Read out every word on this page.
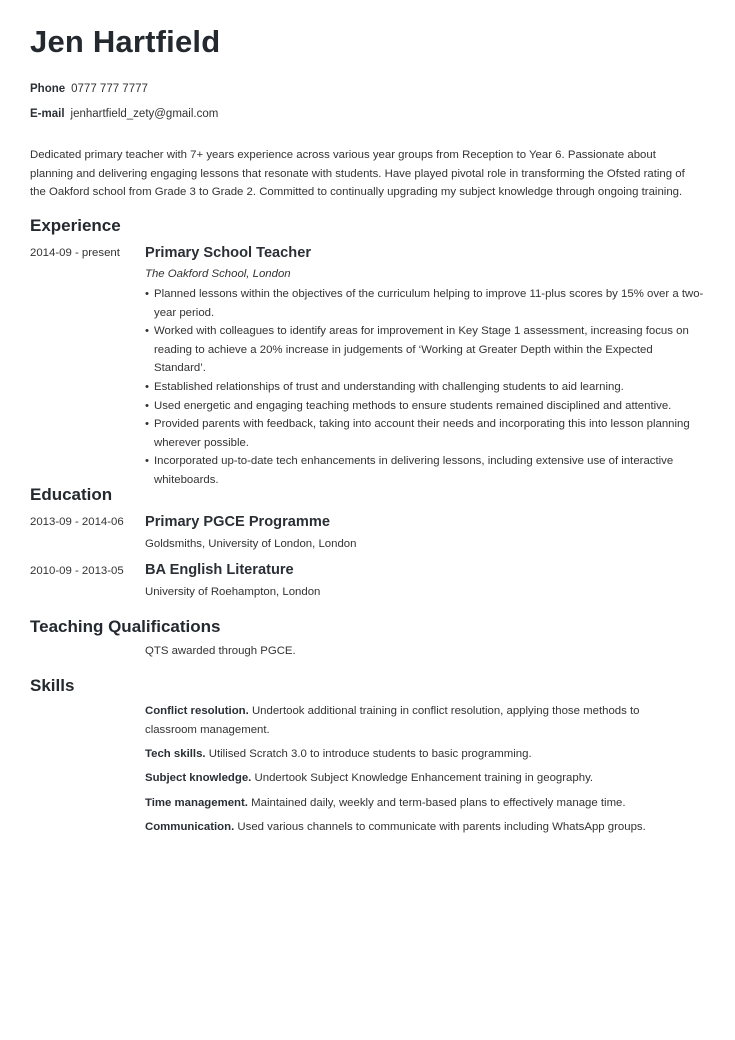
Jen Hartfield
Phone 0777 777 7777
E-mail jenhartfield_zety@gmail.com

Dedicated primary teacher with 7+ years experience across various year groups from Reception to Year 6. Passionate about planning and delivering engaging lessons that resonate with students. Have played pivotal role in transforming the Ofsted rating of the Oakford school from Grade 3 to Grade 2. Committed to continually upgrading my subject knowledge through ongoing training.

Experience
2014-09 - present Primary School Teacher
The Oakford School, London
• Planned lessons within the objectives of the curriculum helping to improve 11-plus scores by 15% over a two-year period.
• Worked with colleagues to identify areas for improvement in Key Stage 1 assessment, increasing focus on reading to achieve a 20% increase in judgements of ‘Working at Greater Depth within the Expected Standard’.
• Established relationships of trust and understanding with challenging students to aid learning.
• Used energetic and engaging teaching methods to ensure students remained disciplined and attentive.
• Provided parents with feedback, taking into account their needs and incorporating this into lesson planning wherever possible.
• Incorporated up-to-date tech enhancements in delivering lessons, including extensive use of interactive whiteboards.
Education
2013-09 - 2014-06 Primary PGCE Programme
Goldsmiths, University of London, London
2010-09 - 2013-05 BA English Literature
University of Roehampton, London
Teaching Qualifications
QTS awarded through PGCE.
Skills
Conflict resolution. Undertook additional training in conflict resolution, applying those methods to classroom management.
Tech skills. Utilised Scratch 3.0 to introduce students to basic programming.
Subject knowledge. Undertook Subject Knowledge Enhancement training in geography.
Time management. Maintained daily, weekly and term-based plans to effectively manage time.
Communication. Used various channels to communicate with parents including WhatsApp groups.
